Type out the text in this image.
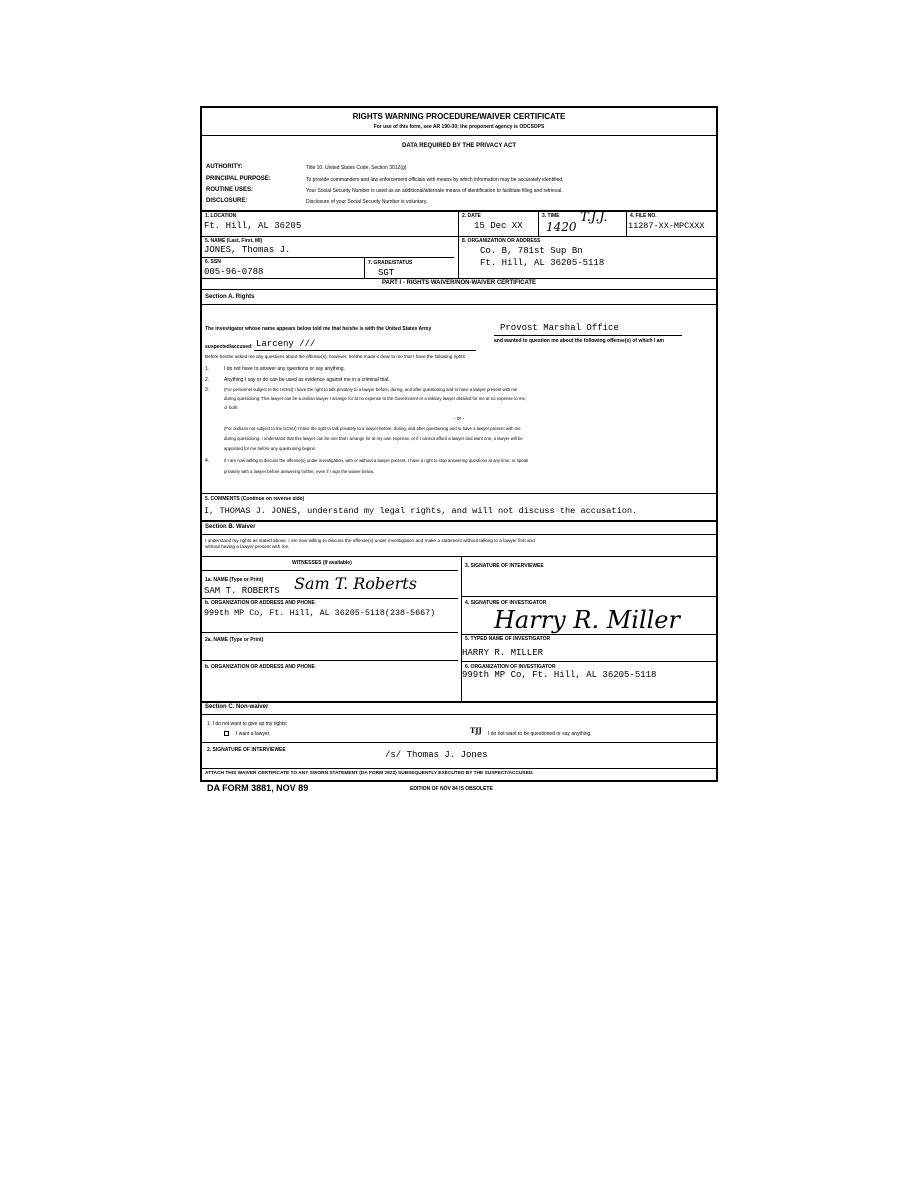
RIGHTS WARNING PROCEDURE/WAIVER CERTIFICATE
For use of this form, see AR 190-30; the proponent agency is ODCSOPS
DATA REQUIRED BY THE PRIVACY ACT
AUTHORITY:	Title 10, United States Code, Section 3012(g)
PRINCIPAL PURPOSE:	To provide commanders and law enforcement officials with means by which information may be accurately identified.
ROUTINE USES:	Your Social Security Number is used as an additional/alternate means of identification to facilitate filing and retrieval.
DISCLOSURE:	Disclosure of your Social Security Number is voluntary.
1. LOCATION
Ft. Hill, AL 36205
2. DATE
15 Dec XX
3. TIME
1420
T.J.J.	4. FILE NO.
11287-XX-MPCXXX
5. NAME (Last, First, MI)
JONES, Thomas J.
8. ORGANIZATION OR ADDRESS
Co. B, 781st Sup Bn
Ft. Hill, AL 36205-5118
6. SSN
005-96-0788
7. GRADE/STATUS
SGT
PART I - RIGHTS WAIVER/NON-WAIVER CERTIFICATE
Section A. Rights
The investigator whose name appears below told me that he/she is with the United States Army	Provost Marshal Office
and wanted to question me about the following offense(s) of which I am
suspected/accused: Larceny ///
Before he/she asked me any questions about the offense(s), however, he/she made it clear to me that I have the following rights:
1.	I do not have to answer any questions or say anything.
2.	Anything I say or do can be used as evidence against me in a criminal trial.
3.	(For personnel subject to the UCMJ) I have the right to talk privately to a lawyer before, during, and after questioning and to have a lawyer present with me
during questioning. This lawyer can be a civilian lawyer I arrange for at no expense to the Government or a military lawyer detailed for me at no expense to me,
or both.
- or -
(For civilians not subject to the UCMJ) I have the right to talk privately to a lawyer before, during, and after questioning and to have a lawyer present with me
during questioning. I understand that this lawyer can be one that I arrange for at my own expense, or if I cannot afford a lawyer and want one, a lawyer will be
appointed for me before any questioning begins.
4.	If I am now willing to discuss the offense(s) under investigation, with or without a lawyer present, I have a right to stop answering questions at any time, or speak
privately with a lawyer before answering further, even if I sign the waiver below.
5. COMMENTS (Continue on reverse side)
I, THOMAS J. JONES, understand my legal rights, and will not discuss the accusation.
Section B. Waiver
I understand my rights as stated above. I am now willing to discuss the offense(s) under investigation and make a statement without talking to a lawyer first and
without having a lawyer present with me.
WITNESSES (If available)
1a. NAME (Type or Print)
SAM T. ROBERTS Sam T. Roberts
b. ORGANIZATION OR ADDRESS AND PHONE
999th MP Co, Ft. Hill, AL 36205-5118(238-5667)
2a. NAME (Type or Print)
b. ORGANIZATION OR ADDRESS AND PHONE
3. SIGNATURE OF INTERVIEWEE
4. SIGNATURE OF INVESTIGATOR
Harry R. Miller
5. TYPED NAME OF INVESTIGATOR
HARRY R. MILLER
6. ORGANIZATION OF INVESTIGATOR
999th MP Co, Ft. Hill, AL 36205-5118
Section C. Non-waiver
1. I do not want to give up my rights:
I want a lawyer.	TJJ I do not want to be questioned or say anything.
2. SIGNATURE OF INTERVIEWEE	/s/ Thomas J. Jones
ATTACH THIS WAIVER CERTIFICATE TO ANY SWORN STATEMENT (DA FORM 2823) SUBSEQUENTLY EXECUTED BY THE SUSPECT/ACCUSED.
DA FORM 3881, NOV 89	EDITION OF NOV 84 IS OBSOLETE
